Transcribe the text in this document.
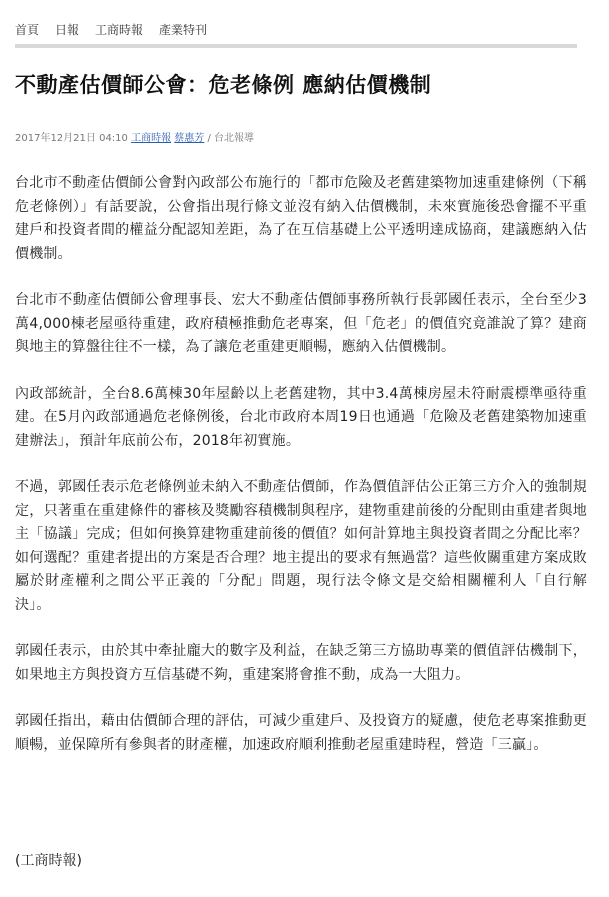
首頁 日報 工商時報 產業特刊
不動產估價師公會：危老條例 應納估價機制
2017年12月21日 04:10 工商時報 蔡惠芳 / 台北報導

台北市不動產估價師公會對內政部公布施行的「都市危險及老舊建築物加速重建條例（下稱危老條例）」有話要說，公會指出現行條文並沒有納入估價機制，未來實施後恐會擺不平重建戶和投資者間的權益分配認知差距，為了在互信基礎上公平透明達成協商，建議應納入估價機制。

台北市不動產估價師公會理事長、宏大不動產估價師事務所執行長郭國任表示，全台至少3萬4,000棟老屋亟待重建，政府積極推動危老專案，但「危老」的價值究竟誰說了算？建商與地主的算盤往往不一樣，為了讓危老重建更順暢，應納入估價機制。

內政部統計，全台8.6萬棟30年屋齡以上老舊建物，其中3.4萬棟房屋未符耐震標準亟待重建。在5月內政部通過危老條例後，台北市政府本周19日也通過「危險及老舊建築物加速重建辦法」，預計年底前公布，2018年初實施。

不過，郭國任表示危老條例並未納入不動產估價師，作為價值評估公正第三方介入的強制規定，只著重在重建條件的審核及獎勵容積機制與程序，建物重建前後的分配則由重建者與地主「協議」完成；但如何換算建物重建前後的價值？如何計算地主與投資者間之分配比率？如何選配？重建者提出的方案是否合理？地主提出的要求有無過當？這些攸關重建方案成敗屬於財產權利之間公平正義的「分配」問題，現行法令條文是交給相關權利人「自行解決」。

郭國任表示，由於其中牽扯龐大的數字及利益，在缺乏第三方協助專業的價值評估機制下，如果地主方與投資方互信基礎不夠，重建案將會推不動，成為一大阻力。

郭國任指出，藉由估價師合理的評估，可減少重建戶、及投資方的疑慮，使危老專案推動更順暢，並保障所有參與者的財產權，加速政府順利推動老屋重建時程，營造「三贏」。

(工商時報)
